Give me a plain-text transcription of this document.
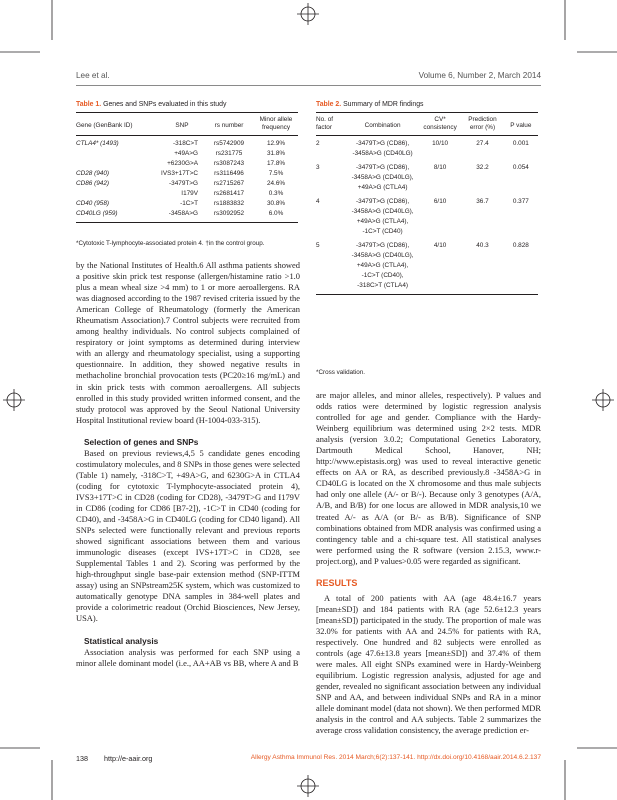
Lee et al.	Volume 6, Number 2, March 2014
Table 1. Genes and SNPs evaluated in this study
Gene (GenBank ID)	SNP	rs number	Minor allele frequency
CTLA4* (1493)	-318C>T	rs5742909	12.9%
	+49A>G	rs231775	31.8%
	+6230G>A	rs3087243	17.8%
CD28 (940)	IVS3+17T>C	rs3116496	7.5%
CD86 (942)	-3479T>G	rs2715267	24.6%
	I179V	rs2681417	0.3%
CD40 (958)	-1C>T	rs1883832	30.8%
CD40LG (959)	-3458A>G	rs3092952	6.0%
*Cytotoxic T-lymphocyte-associated protein 4. †in the control group.
Table 2. Summary of MDR findings
No. of factor	Combination	CV* consistency	Prediction error (%)	P value
2	-3479T>G (CD86),
-3458A>G (CD40LG)	10/10	27.4	0.001
3	-3479T>G (CD86),
-3458A>G (CD40LG),
+49A>G (CTLA4)	8/10	32.2	0.054
4	-3479T>G (CD86),
-3458A>G (CD40LG),
+49A>G (CTLA4),
-1C>T (CD40)	6/10	36.7	0.377
5	-3479T>G (CD86),
-3458A>G (CD40LG),
+49A>G (CTLA4),
-1C>T (CD40),
-318C>T (CTLA4)	4/10	40.3	0.828
*Cross validation.

by the National Institutes of Health.6 All asthma patients showed a positive skin prick test response (allergen/histamine ratio >1.0 plus a mean wheal size >4 mm) to 1 or more aeroallergens. RA was diagnosed according to the 1987 revised criteria issued by the American College of Rheumatology (formerly the American Rheumatism Association).7 Control subjects were recruited from among healthy individuals. No control subjects complained of respiratory or joint symptoms as determined during interview with an allergy and rheumatology specialist, using a supporting questionnaire. In addition, they showed negative results in methacholine bronchial provocation tests (PC20≥16 mg/mL) and in skin prick tests with common aeroallergens. All subjects enrolled in this study provided written informed consent, and the study protocol was approved by the Seoul National University Hospital Institutional review board (H-1004-033-315).

Selection of genes and SNPs

Based on previous reviews,4,5 5 candidate genes encoding costimulatory molecules, and 8 SNPs in those genes were selected (Table 1) namely, -318C>T, +49A>G, and 6230G>A in CTLA4 (coding for cytotoxic T-lymphocyte-associated protein 4), IVS3+17T>C in CD28 (coding for CD28), -3479T>G and I179V in CD86 (coding for CD86 [B7-2]), -1C>T in CD40 (coding for CD40), and -3458A>G in CD40LG (coding for CD40 ligand). All SNPs selected were functionally relevant and previous reports showed significant associations between them and various immunologic diseases (except IVS+17T>C in CD28, see Supplemental Tables 1 and 2). Scoring was performed by the high-throughput single base-pair extension method (SNP-ITTM assay) using an SNPstream25K system, which was customized to automatically genotype DNA samples in 384-well plates and provide a colorimetric readout (Orchid Biosciences, New Jersey, USA).

Statistical analysis

Association analysis was performed for each SNP using a minor allele dominant model (i.e., AA+AB vs BB, where A and B

are major alleles, and minor alleles, respectively). P values and odds ratios were determined by logistic regression analysis controlled for age and gender. Compliance with the Hardy-Weinberg equilibrium was determined using 2×2 tests. MDR analysis (version 3.0.2; Computational Genetics Laboratory, Dartmouth Medical School, Hanover, NH; http://www.epistasis.org) was used to reveal interactive genetic effects on AA or RA, as described previously.8 -3458A>G in CD40LG is located on the X chromosome and thus male subjects had only one allele (A/- or B/-). Because only 3 genotypes (A/A, A/B, and B/B) for one locus are allowed in MDR analysis,10 we treated A/- as A/A (or B/- as B/B). Significance of SNP combinations obtained from MDR analysis was confirmed using a contingency table and a chi-square test. All statistical analyses were performed using the R software (version 2.15.3, www.r-project.org), and P values>0.05 were regarded as significant.

RESULTS

A total of 200 patients with AA (age 48.4±16.7 years [mean±SD]) and 184 patients with RA (age 52.6±12.3 years [mean±SD]) participated in the study. The proportion of male was 32.0% for patients with AA and 24.5% for patients with RA, respectively. One hundred and 82 subjects were enrolled as controls (age 47.6±13.8 years [mean±SD]) and 37.4% of them were males. All eight SNPs examined were in Hardy-Weinberg equilibrium. Logistic regression analysis, adjusted for age and gender, revealed no significant association between any individual SNP and AA, and between individual SNPs and RA in a minor allele dominant model (data not shown). We then performed MDR analysis in the control and AA subjects. Table 2 summarizes the average cross validation consistency, the average prediction er-

138 http://e-aair.org	Allergy Asthma Immunol Res. 2014 March;6(2):137-141. http://dx.doi.org/10.4168/aair.2014.6.2.137
